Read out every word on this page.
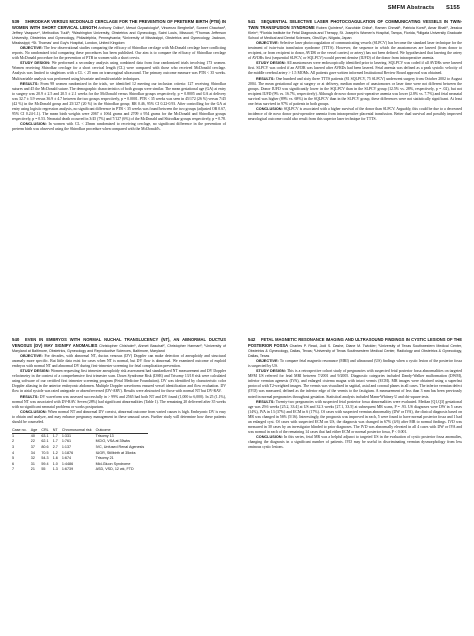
SMFM Abstracts S155
539	SHIRODKAR VERSUS MCDONALD CERCLAGE FOR THE PREVENTION OF PRETERM BIRTH (PTB) IN WOMEN WITH SHORT CERVICAL LENGTH Anthony Odibo¹, Mesut Ozyazicioglu², Vincenzo Berghella², Suneet Chauhan³, Jeffrey Vazquez⁴, Methodius Tuuli¹; ¹Washington University, Obstetrics and Gynecology, Saint Louis, Missouri; ²Thomas Jefferson University, Obstetrics and Gynecology, Philadelphia, Pennsylvania; ³University of Mississippi, Obstetrics and Gynecology, Jackson, Mississippi; ⁴St. Thomas' and Guy's Hospital, London, United Kingdom
OBJECTIVE: The few observational studies comparing the efficacy of Shirodkar cerclage with McDonald cerclage have conflicting reports. No randomized trial comparing these procedures has been published. Our aim is to compare the efficacy of Shirodkar cerclage with McDonald procedure for the prevention of PTB in women with a short cervix.
STUDY DESIGN: We performed a secondary analysis using combined data from four randomized trials involving 173 women. Women receiving Shirodkar cerclage for a short cervical length (CL) were compared with those who received McDonald cerclage. Analysis was limited to singletons with a CL < 25 mm on transvaginal ultrasound. The primary outcome measure was PTB < 35 weeks. Multivariable analysis was performed using bivariate and multivariable techniques.
RESULTS: From 98 women randomized in the trials, we identified 12 meeting our inclusion criteria: 127 receiving Shirodkar sutures and 45 the McDonald suture. The demographic characteristics of both groups were similar. The mean gestational age (GA) at entry to surgery was 20.9 ± 2.5 and 20.5 ± 2.1 weeks for the McDonald versus Shirodkar groups respectively, p = 0.8005 and GA at delivery was 32.7 ± 3.9 versus 36.9 ± 4.7 between the two groups respectively, p = 0.0001. PTB < 35 weeks was seen in 45/172 (26 %) versus 7/45 (42 %) in the McDonald group and 25/127 (20 %) in the Shirodkar group; RR 0.46, 95% CI 0.22-0.93. After controlling for the GA at entry using logistic regression analysis, no significant difference in PTB < 35 weeks was found between the two groups (adjusted OR 0.67, 95% CI 0.24-1.1). The mean birth weights were 2067 ± 1064 grams and 2709 ± 954 grams for the McDonald and Shirodkar groups respectively, p = 0.53. Neonatal death occurred in 3/45 (7%) and 7/127 (6%) of the McDonald and Shirodkar groups respectively, p = 0.78.
CONCLUSION: In women with CL < 25mm randomized to receiving cerclage, no significant difference in the prevention of preterm birth was observed using the Shirodkar procedure when compared with the McDonald's.
540	EVEN IN EMBRYOS WITH NORMAL NUCHAL TRANSLUCENCY (NT), AN ABNORMAL DUCTUS VENOSUS (DV) MAY SIGNIFY ANOMALIES Christopher Chisholm¹, Ahmet Baschat², Christopher Harman²; ¹University of Maryland at Baltimore, Obstetrics, Gynecology and Reproductive Sciences, Baltimore, Maryland
OBJECTIVE: For decades, with abnormal NT, ductus venosus (DV) Doppler can make detection of aneuploidy and structural anomaly more specific. But little data exist for cases when NT is normal, but DV flow is abnormal. We examined outcome of euploid embryos with normal NT and abnormal DV during first-trimester screening for fetal complication prevention.
STUDY DESIGN: Women requesting first trimester aneuploidy risk assessment had standardized NT measurement and DV Doppler velocimetry in the context of a comprehensive first trimester scan. Down Syndrome Risk (DSR) and Trisomy 13/18 risk were calculated using software of our certified first trimester screening program (Fetal Medicine Foundation). DV was identified by characteristic color Doppler aliasing in the anterior embryonic abdomen. Multiple Doppler waveforms ensured vessel identification and flow evaluation. DV flow in atrial systole was rated antegrade or absent/reversed (DV-ARV). Results were abstracted for those with normal NT but DV-RAV.
RESULTS: DV waveform was assessed successfully in > 99% and 2565 had both NT and DV found (1,000 to 6,000). In 25 (1.1%), normal NT was associated with DV-RAV. Seven (28%) had significant abnormalities (Table 1). The remaining 20 delivered after 35 weeks with no significant neonatal problems or works postpartum.
CONCLUSION: When normal NT and abnormal DV coexist, abnormal outcome from varied causes is high. Embryonic DV is easy to obtain and analyze, and may enhance pregnancy management in these unusual cases. Further study will determine how these patients should be counseled.
Case no.	Age	CRL	NT	Chromosomal risk	Outcome
1	40	63.1	1.7	1:331	Trisomy 13
2	22	62.1	1.7	1:761	MCIO, VSA at 35wks
3	37	80.6	2.7	1:137	IVC, Unfused Renal Agenesis
4	34	70.5	1.2	1:1876	IUGR, Stillbirth at 35wks
5	32	54.3	1.6	1:674	Trisomy 21
6	31	59.4	1.0	1:4486	Mid-Gluon Syndrome
7	21	55	1.3	1:6739	ASD, VSD, 12 wk, FTD
541	SEQUENTIAL SELECTIVE LASER PHOTOCOAGULATION OF COMMUNICATING VESSELS IN TWIN-TWIN TRANSFUSION SYNDROME Ruben Quintero¹, Kazuhide Chiba¹, Ramen Chmait¹, Patricia Korst², Amar Bhatt³, Jessica Klein⁴; ¹Florida Institute for Fetal Diagnosis and Therapy, St. Joseph's Women's Hospital, Tampa, Florida, ²Niigata University Graduate School of Medical and Dental Sciences, Obs/Gyn, Niigata, Japan
OBJECTIVE: Selective laser photocoagulation of communicating vessels (SLPCV) has become the standard laser technique for the treatment of twin-twin transfusion syndrome (TTTS). However, the sequence in which the anastomoses are lasered (from donor to recipient, or from recipient to donor, AVDR or the vessel carries) or artery) has not been defined. We hypothesized that lasering the artery of AVDRs first (sequential SLPCV, or SQLPCV) would prevent demise (IUFD) of the donor from intraoperative anemia.
STUDY DESIGN: All anastomoses were endoscopically identified prior to lasering. SQLPCV was coded if all AVDRs were lasered first. SLPCV was coded if an AVDR was lasered after AVRDs had been lasered. Fetal anemia was defined as a peak systolic velocity of the middle cerebral artery > 1.5 MOMs. All patients gave written informed Institutional Review Board approval was obtained.
RESULTS: One hundred and sixty three TTTS patients (81 SQLPCV, 75 SLPCV) underwent surgery from October 2002 to August 2004. The mean gestational age at surgery or at delivery, median number of anastomoses or laser time were not different between the groups. Donor IUFD was significantly lower in the SQLPCV than in the SLPCV group (12.5% vs. 28%, respectively, p = .02), but not recipient IUFD (9% vs. 16.7%, respectively). Although de novo donor post-operative anemia was lower (2.8% vs. 7.7%) and fetal neonatal survival was higher (89% vs. 68%) in the SQLPCV than in the SLPCV group, these differences were not statistically significant. At least one fetus survived in 97% of patients in both groups.
CONCLUSION: SQLPCV is associated with a higher survival of the donor than SLPCV. Arguably, this could be due to a decreased incidence of de novo donor post-operative anemia from intraoperative placental transfusion. Better dual survival and possibly improved neurological outcome could also result from this superior laser technique for TTTS.
542	FETAL MAGNETIC RESONANCE IMAGING AND ULTRASOUND FINDINGS IN CYSTIC LESIONS OF THE POSTERIOR FOSSA Charles P. Read, Jodi S. Dashe, Diane M. Twickler; ¹University of Texas Southwestern Medical Center, Obstetrics & Gynecology, Dallas, Texas; ²University of Texas Southwestern Medical Center, Radiology and Obstetrics & Gynecology, Dallas, Texas
OBJECTIVE: To compare fetal magnetic resonance (MRI) and ultrasound (US) findings when a cystic lesion of the posterior fossa is suspected by US.
STUDY DESIGN: This is a retrospective cohort study of pregnancies with suspected fetal posterior fossa abnormalities on targeted MFM US referred for fetal MRI between 7/2001 and 9/2005. Diagnostic categories included Dandy-Walker malformation (DWM), inferior vermian agenesis (IVA), and enlarged cisterna magna with intact vermis (ECM). MR images were obtained using a superfast protocol with T2-weighted images. The vermis was visualized in sagittal, axial and coronal planes in all cases. The inferior vermian defect (IVD) was measured, defined as the inferior edge of the vermis to the fastigium. A measurement of less than 3 mm has been previously noted in normal pregnancies throughout gestation. Statistical analysis included Mann-Whitney U and chi-square tests.
RESULTS: Twenty-two pregnancies with suspected fetal posterior fossa abnormalities were evaluated. Median [Q1,Q3] gestational age was 29.6 weeks [25.2, 33.4] at US and 32.3 weeks [27.1, 33.5] at subsequent MR scans, P = .93. US diagnoses were DW in 5 cases (14%), IVA in 13 (37%) and ECM in 6 (17%). Of cases with suspected vermian abnormality (DW or IVA), the clinical diagnosis based on MR was changed in 56% (5/16). Interestingly, the prognosis was improved in each, 5 were found to have normal posterior fossa and 1 had an enlarged cyst. Of cases with suspected ECM on US, the diagnosis was changed in 67% (4/6) after MR to normal findings. IVD was measured in 30 cases by an investigator blinded to prior diagnoses. The IVD was abnormally elevated in all 4 cases with DW or IVA and was normal in each of the remaining 14 cases that had either ECM or normal posterior fossa, P < 0.001.
CONCLUSION: In this series, fetal MR was a helpful adjunct to targeted US in the evaluation of cystic posterior fossa anomalies, changing the diagnosis in a significant number of patients. IVD may be useful in discriminating vermian dysmorphology from less ominous cystic lesions.
